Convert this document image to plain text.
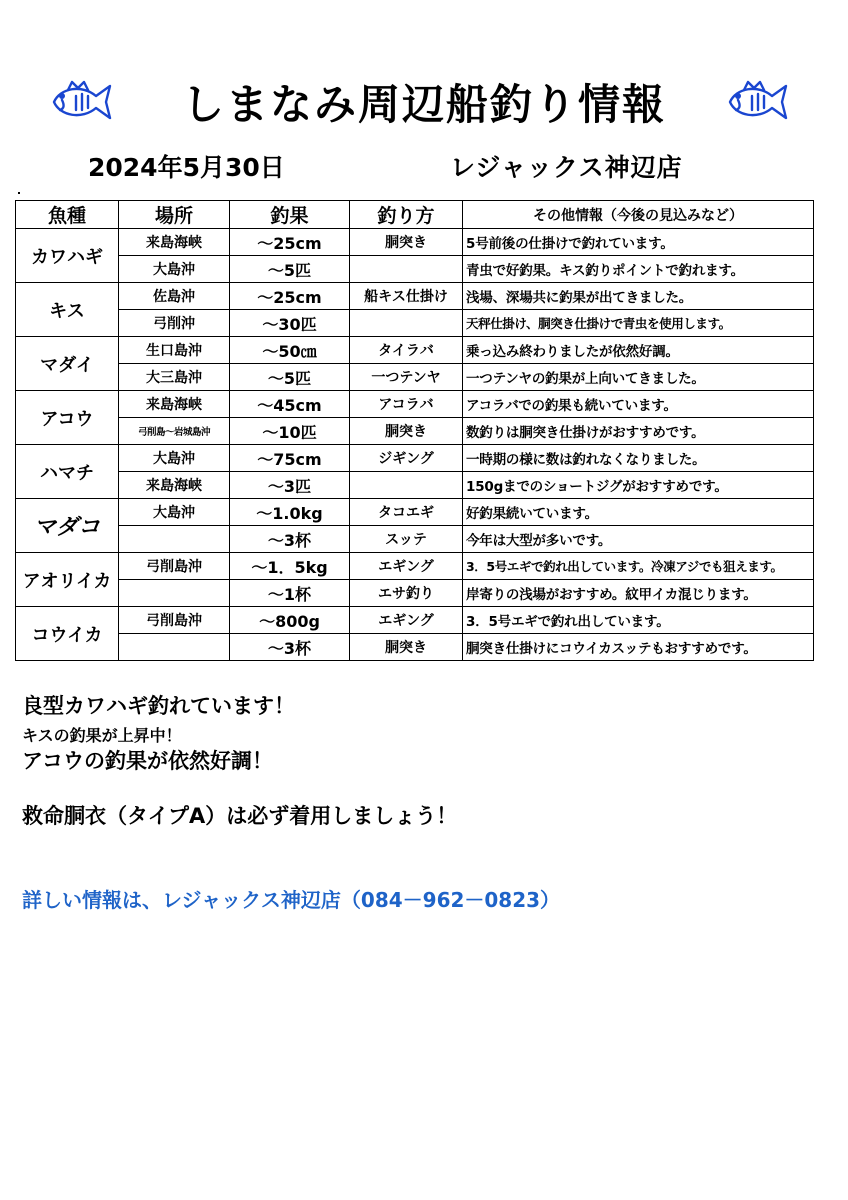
しまなみ周辺船釣り情報
2024年5月30日	レジャックス神辺店
魚種	場所	釣果	釣り方	その他情報（今後の見込みなど）
カワハギ	来島海峡	～25cm	胴突き	5号前後の仕掛けで釣れています。
	大島沖	～5匹		青虫で好釣果。キス釣りポイントで釣れます。
キス	佐島沖	～25cm	船キス仕掛け	浅場、深場共に釣果が出てきました。
	弓削沖	～30匹		天秤仕掛け、胴突き仕掛けで青虫を使用します。
マダイ	生口島沖	～50㎝	タイラバ	乗っ込み終わりましたが依然好調。
	大三島沖	～5匹	一つテンヤ	一つテンヤの釣果が上向いてきました。
アコウ	来島海峡	～45cm	アコラバ	アコラバでの釣果も続いています。
	弓削島～岩城島沖	～10匹	胴突き	数釣りは胴突き仕掛けがおすすめです。
ハマチ	大島沖	～75cm	ジギング	一時期の様に数は釣れなくなりました。
	来島海峡	～3匹		150gまでのショートジグがおすすめです。
マダコ	大島沖	～1.0kg	タコエギ	好釣果続いています。
		～3杯	スッテ	今年は大型が多いです。
アオリイカ	弓削島沖	～1．5kg	エギング	3．5号エギで釣れ出しています。冷凍アジでも狙えます。
		～1杯	エサ釣り	岸寄りの浅場がおすすめ。紋甲イカ混じります。
コウイカ	弓削島沖	～800g	エギング	3．5号エギで釣れ出しています。
		～3杯	胴突き	胴突き仕掛けにコウイカスッテもおすすめです。
良型カワハギ釣れています！
キスの釣果が上昇中！
アコウの釣果が依然好調！
救命胴衣（タイプA）は必ず着用しましょう！
詳しい情報は、レジャックス神辺店（084－962－0823）
